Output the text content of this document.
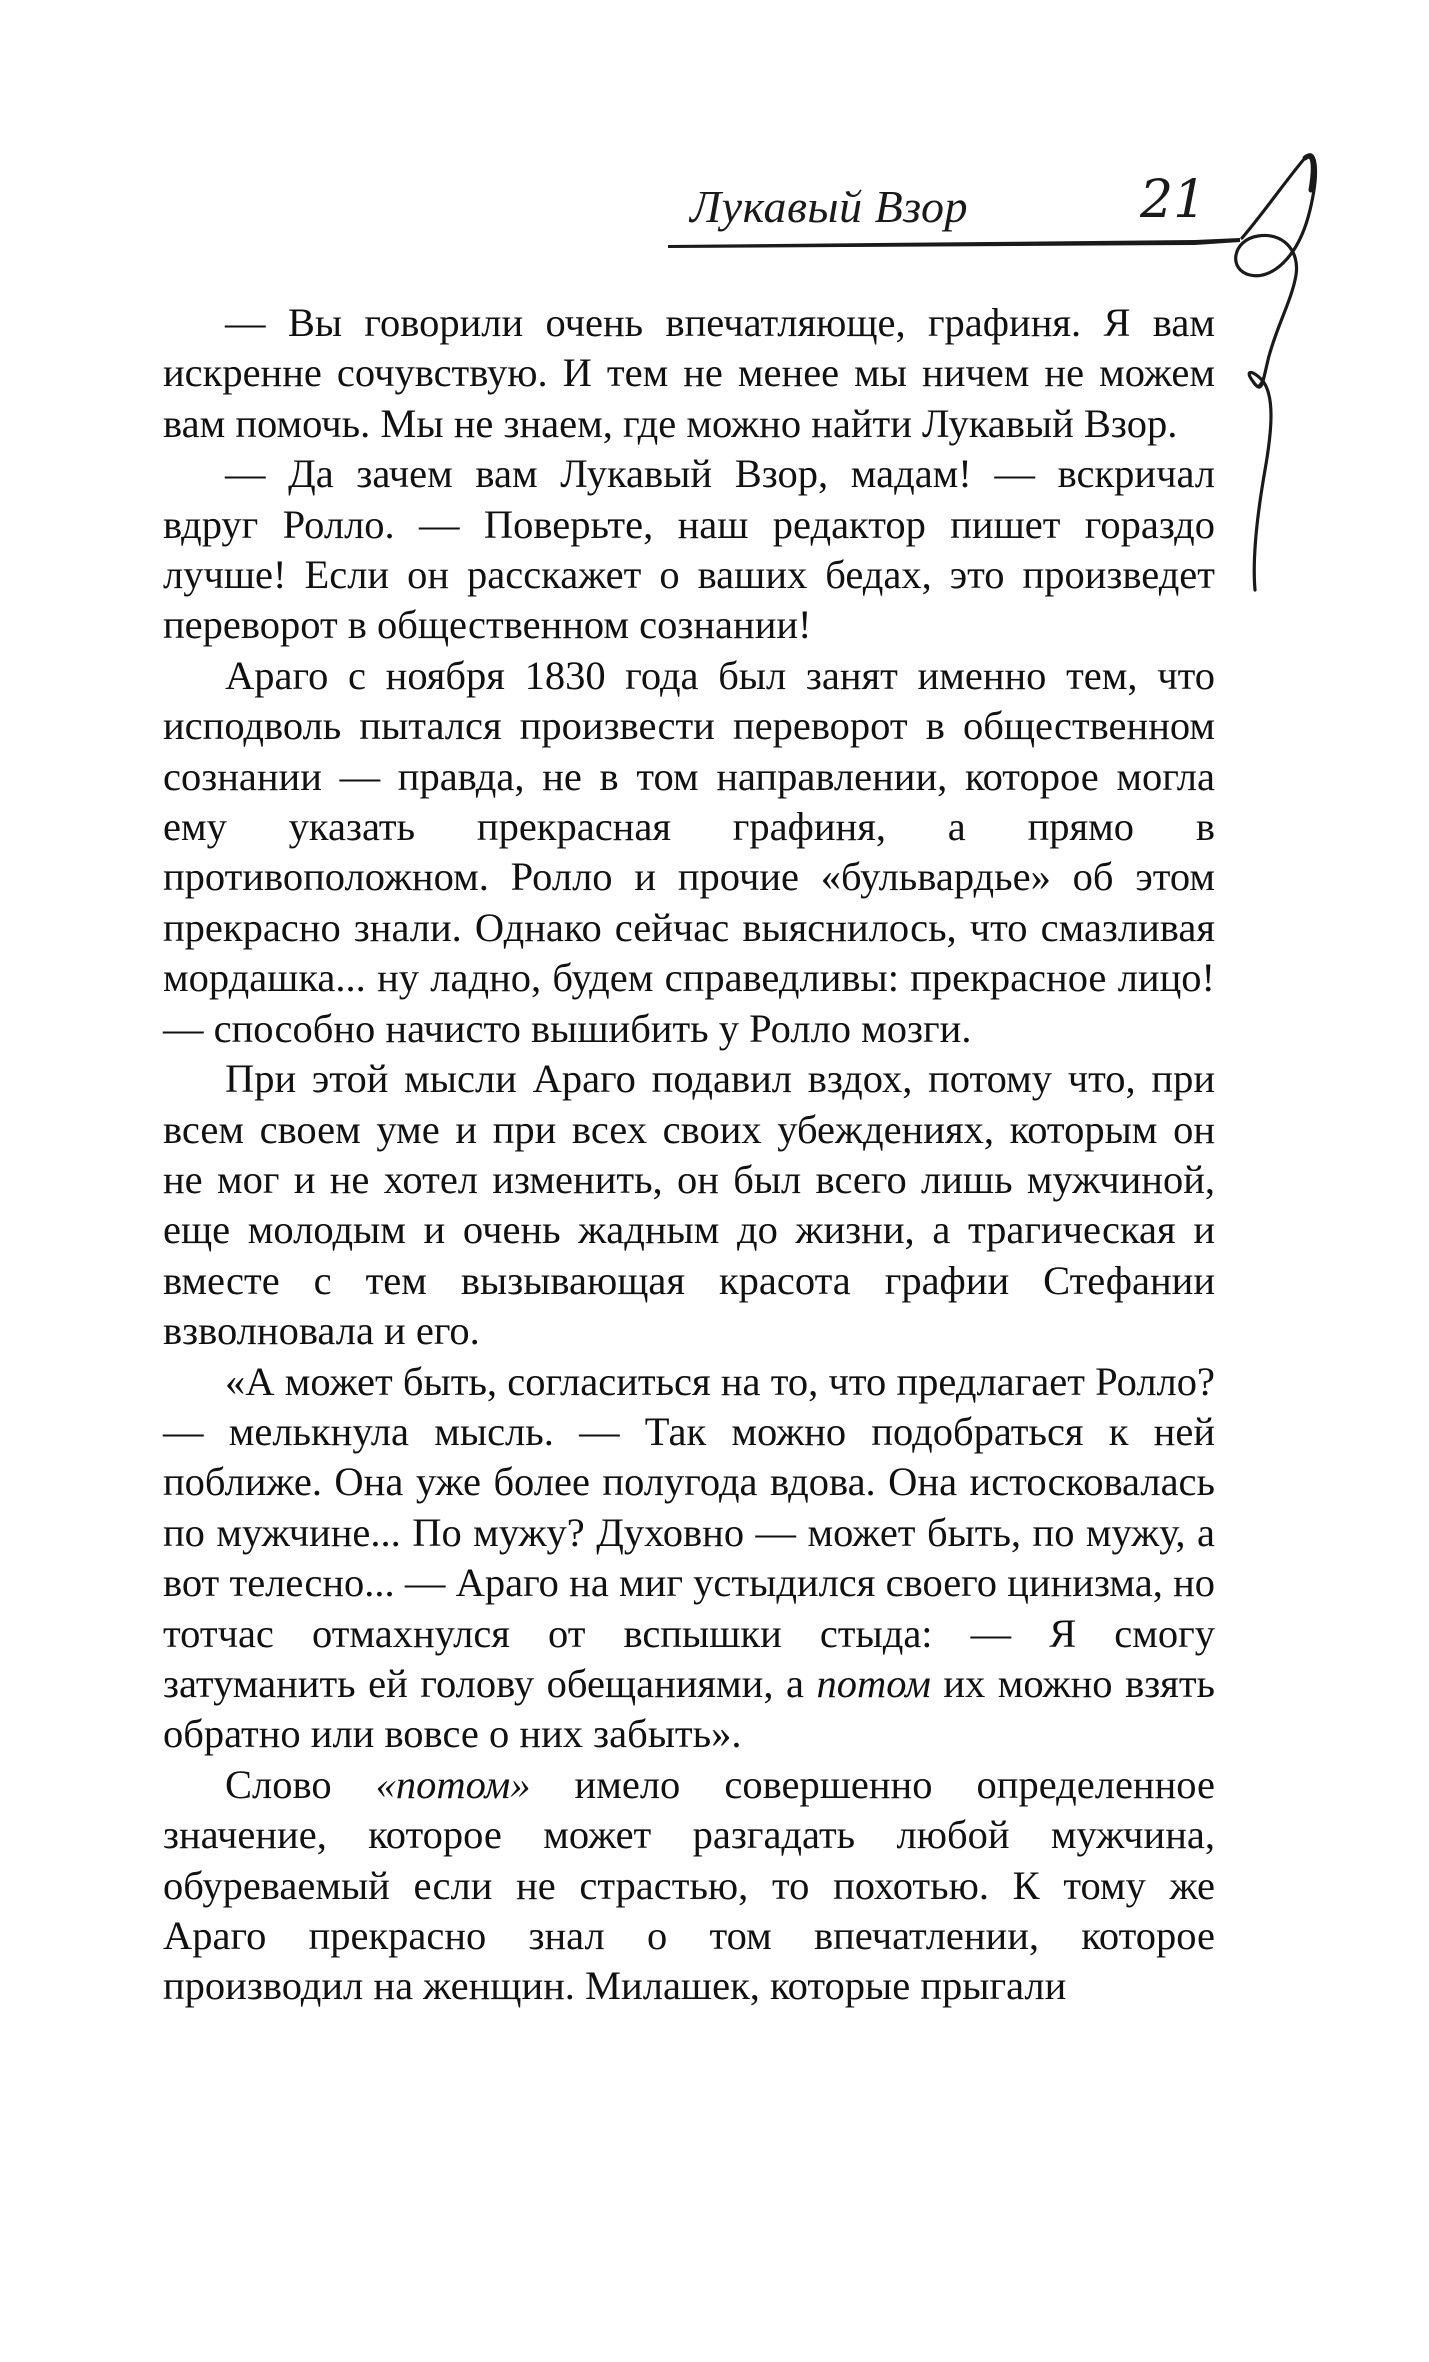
Лукавый Взор	21

— Вы говорили очень впечатляюще, графиня. Я вам искренне сочувствую. И тем не менее мы ничем не можем вам помочь. Мы не знаем, где можно найти Лукавый Взор.

— Да зачем вам Лукавый Взор, мадам! — вскричал вдруг Ролло. — Поверьте, наш редактор пишет гораздо лучше! Если он расскажет о ваших бедах, это произведет переворот в общественном сознании!

Араго с ноября 1830 года был занят именно тем, что исподволь пытался произвести переворот в общественном сознании — правда, не в том направлении, которое могла ему указать прекрасная графиня, а прямо в противоположном. Ролло и прочие «бульвардье» об этом прекрасно знали. Однако сейчас выяснилось, что смазливая мордашка... ну ладно, будем справедливы: прекрасное лицо! — способно начисто вышибить у Ролло мозги.

При этой мысли Араго подавил вздох, потому что, при всем своем уме и при всех своих убеждениях, которым он не мог и не хотел изменить, он был всего лишь мужчиной, еще молодым и очень жадным до жизни, а трагическая и вместе с тем вызывающая красота графии Стефании взволновала и его.

«А может быть, согласиться на то, что предлагает Ролло? — мелькнула мысль. — Так можно подобраться к ней поближе. Она уже более полугода вдова. Она истосковалась по мужчине... По мужу? Духовно — может быть, по мужу, а вот телесно... — Араго на миг устыдился своего цинизма, но тотчас отмахнулся от вспышки стыда: — Я смогу затуманить ей голову обещаниями, а потом их можно взять обратно или вовсе о них забыть».

Слово «потом» имело совершенно определенное значение, которое может разгадать любой мужчина, обуреваемый если не страстью, то похотью. К тому же Араго прекрасно знал о том впечатлении, которое производил на женщин. Милашек, которые прыгали
